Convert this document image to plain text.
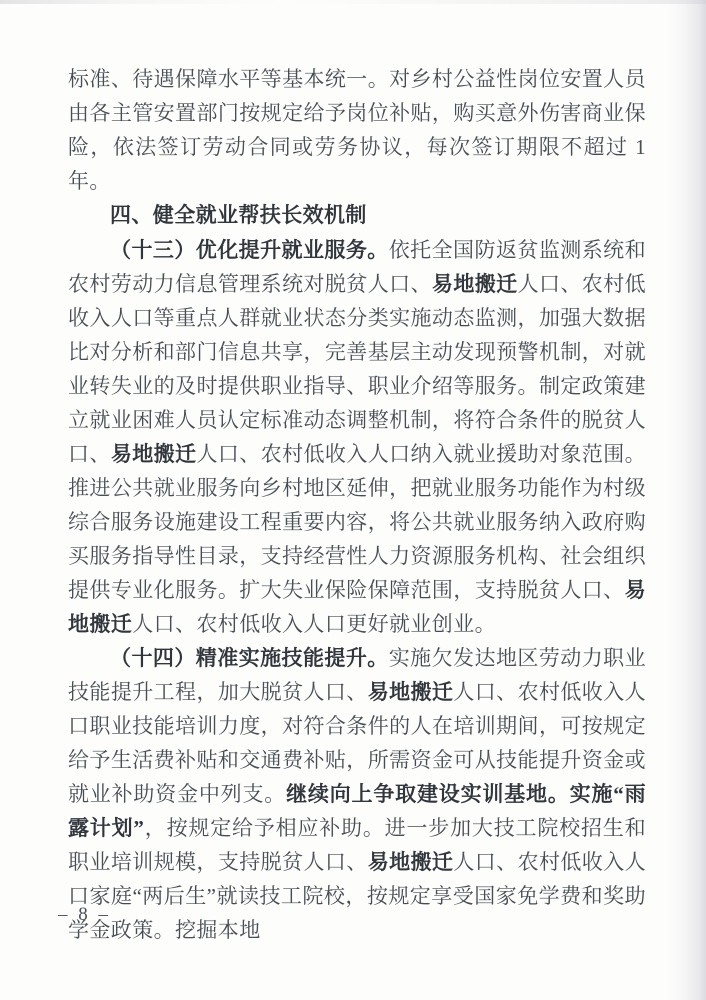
标准、待遇保障水平等基本统一。对乡村公益性岗位安置人员由各主管安置部门按规定给予岗位补贴，购买意外伤害商业保险，依法签订劳动合同或劳务协议，每次签订期限不超过 1 年。

四、健全就业帮扶长效机制

（十三）优化提升就业服务。依托全国防返贫监测系统和农村劳动力信息管理系统对脱贫人口、易地搬迁人口、农村低收入人口等重点人群就业状态分类实施动态监测，加强大数据比对分析和部门信息共享，完善基层主动发现预警机制，对就业转失业的及时提供职业指导、职业介绍等服务。制定政策建立就业困难人员认定标准动态调整机制，将符合条件的脱贫人口、易地搬迁人口、农村低收入人口纳入就业援助对象范围。推进公共就业服务向乡村地区延伸，把就业服务功能作为村级综合服务设施建设工程重要内容，将公共就业服务纳入政府购买服务指导性目录，支持经营性人力资源服务机构、社会组织提供专业化服务。扩大失业保险保障范围，支持脱贫人口、易地搬迁人口、农村低收入人口更好就业创业。

（十四）精准实施技能提升。实施欠发达地区劳动力职业技能提升工程，加大脱贫人口、易地搬迁人口、农村低收入人口职业技能培训力度，对符合条件的人在培训期间，可按规定给予生活费补贴和交通费补贴，所需资金可从技能提升资金或就业补助资金中列支。继续向上争取建设实训基地。实施“雨露计划”，按规定给予相应补助。进一步加大技工院校招生和职业培训规模，支持脱贫人口、易地搬迁人口、农村低收入人口家庭“两后生”就读技工院校，按规定享受国家免学费和奖助学金政策。挖掘本地

– 8 –
